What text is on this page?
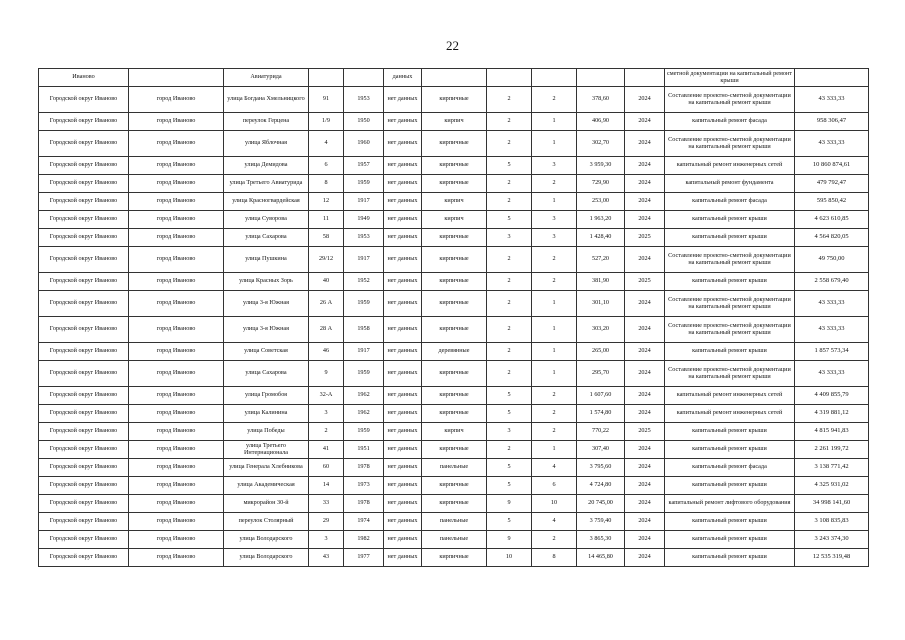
22
Иваново		Авиатурида			данных						сметной документации на капитальный ремонт крыши	
Городской округ Иваново	город Иваново	улица Богдана Хмельницкого	91	1953	нет данных	кирпичные	2	2	378,60	2024	Составление проектно-сметной документации на капитальный ремонт крыши	43 333,33
Городской округ Иваново	город Иваново	переулок Герцена	1/9	1950	нет данных	кирпич	2	1	406,90	2024	капитальный ремонт фасада	958 306,47
Городской округ Иваново	город Иваново	улица Яблочная	4	1960	нет данных	кирпичные	2	1	302,70	2024	Составление проектно-сметной документации на капитальный ремонт крыши	43 333,33
Городской округ Иваново	город Иваново	улица Демидова	6	1957	нет данных	кирпичные	5	3	3 959,30	2024	капитальный ремонт инженерных сетей	10 860 874,61
Городской округ Иваново	город Иваново	улица Третьего Авиатурида	8	1959	нет данных	кирпичные	2	2	729,90	2024	капитальный ремонт фундамента	479 792,47
Городской округ Иваново	город Иваново	улица Красногвардейская	12	1917	нет данных	кирпич	2	1	253,00	2024	капитальный ремонт фасада	595 850,42
Городской округ Иваново	город Иваново	улица Суворова	11	1949	нет данных	кирпич	5	3	1 963,20	2024	капитальный ремонт крыши	4 623 610,85
Городской округ Иваново	город Иваново	улица Сахарова	58	1953	нет данных	кирпичные	3	3	1 428,40	2025	капитальный ремонт крыши	4 564 820,05
Городской округ Иваново	город Иваново	улица Пушкина	29/12	1917	нет данных	кирпичные	2	2	527,20	2024	Составление проектно-сметной документации на капитальный ремонт крыши	49 750,00
Городской округ Иваново	город Иваново	улица Красных Зорь	40	1952	нет данных	кирпичные	2	2	381,90	2025	капитальный ремонт крыши	2 558 679,40
Городской округ Иваново	город Иваново	улица 3-я Южная	26 А	1959	нет данных	кирпичные	2	1	301,10	2024	Составление проектно-сметной документации на капитальный ремонт крыши	43 333,33
Городской округ Иваново	город Иваново	улица 3-я Южная	28 А	1958	нет данных	кирпичные	2	1	303,20	2024	Составление проектно-сметной документации на капитальный ремонт крыши	43 333,33
Городской округ Иваново	город Иваново	улица Советская	46	1917	нет данных	деревянные	2	1	265,00	2024	капитальный ремонт крыши	1 857 573,34
Городской округ Иваново	город Иваново	улица Сахарова	9	1959	нет данных	кирпичные	2	1	295,70	2024	Составление проектно-сметной документации на капитальный ремонт крыши	43 333,33
Городской округ Иваново	город Иваново	улица Громобоя	32-А	1962	нет данных	кирпичные	5	2	1 607,60	2024	капитальный ремонт инженерных сетей	4 409 855,79
Городской округ Иваново	город Иваново	улица Калинина	3	1962	нет данных	кирпичные	5	2	1 574,80	2024	капитальный ремонт инженерных сетей	4 319 881,12
Городской округ Иваново	город Иваново	улица Победы	2	1959	нет данных	кирпич	3	2	770,22	2025	капитальный ремонт крыши	4 815 941,83
Городской округ Иваново	город Иваново	улица Третьего Интернационала	41	1951	нет данных	кирпичные	2	1	307,40	2024	капитальный ремонт крыши	2 261 199,72
Городской округ Иваново	город Иваново	улица Генерала Хлебникова	60	1978	нет данных	панельные	5	4	3 795,60	2024	капитальный ремонт фасада	3 138 771,42
Городской округ Иваново	город Иваново	улица Академическая	14	1973	нет данных	кирпичные	5	6	4 724,80	2024	капитальный ремонт крыши	4 325 931,02
Городской округ Иваново	город Иваново	микрорайон 30-й	33	1978	нет данных	кирпичные	9	10	20 745,00	2024	капитальный ремонт лифтового оборудования	34 998 141,60
Городской округ Иваново	город Иваново	переулок Столярный	29	1974	нет данных	панельные	5	4	3 759,40	2024	капитальный ремонт крыши	3 108 835,83
Городской округ Иваново	город Иваново	улица Володарского	3	1982	нет данных	панельные	9	2	3 865,30	2024	капитальный ремонт крыши	3 243 374,30
Городской округ Иваново	город Иваново	улица Володарского	43	1977	нет данных	кирпичные	10	8	14 465,80	2024	капитальный ремонт крыши	12 535 319,48
